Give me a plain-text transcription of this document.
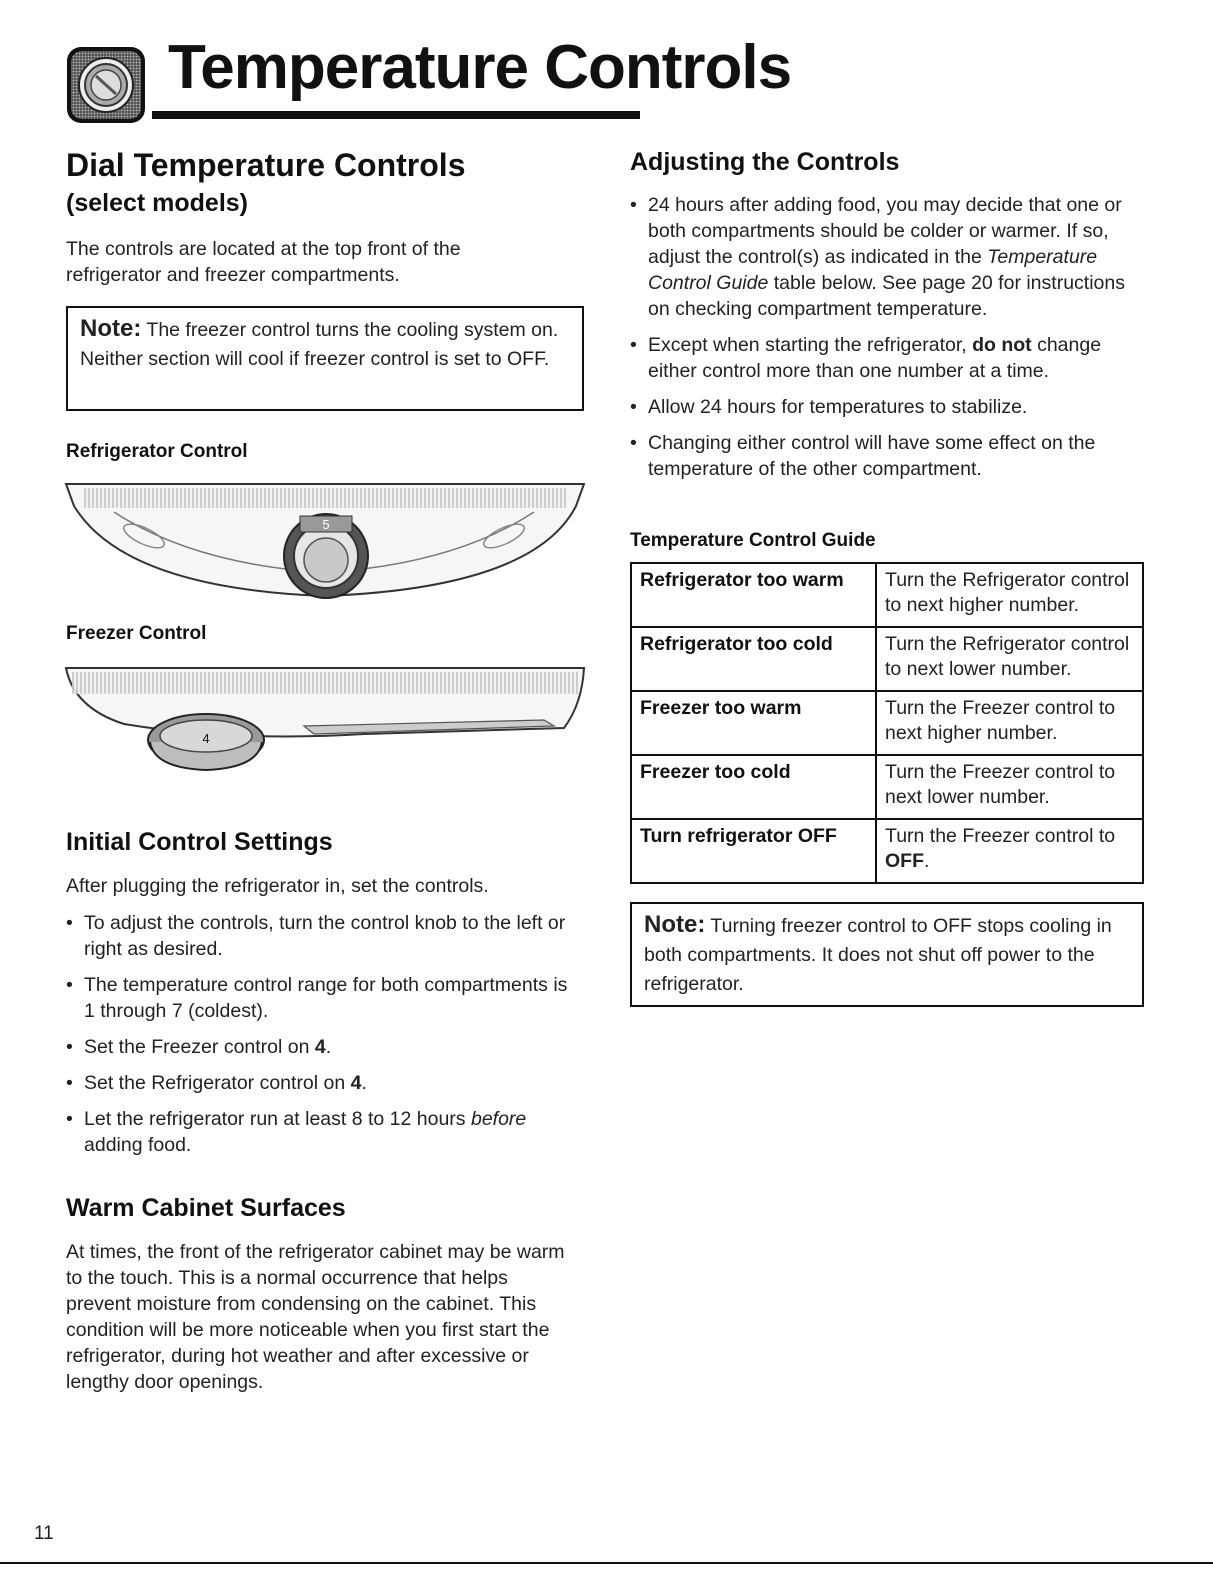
Temperature Controls
Dial Temperature Controls
(select models)
The controls are located at the top front of the refrigerator and freezer compartments.
Note: The freezer control turns the cooling system on. Neither section will cool if freezer control is set to OFF.
Refrigerator Control
5
Freezer Control
4
Initial Control Settings
After plugging the refrigerator in, set the controls.
• To adjust the controls, turn the control knob to the left or right as desired.
• The temperature control range for both compartments is 1 through 7 (coldest).
• Set the Freezer control on 4.
• Set the Refrigerator control on 4.
• Let the refrigerator run at least 8 to 12 hours before adding food.
Warm Cabinet Surfaces
At times, the front of the refrigerator cabinet may be warm to the touch. This is a normal occurrence that helps prevent moisture from condensing on the cabinet. This condition will be more noticeable when you first start the refrigerator, during hot weather and after excessive or lengthy door openings.
Adjusting the Controls
• 24 hours after adding food, you may decide that one or both compartments should be colder or warmer. If so, adjust the control(s) as indicated in the Temperature Control Guide table below. See page 20 for instructions on checking compartment temperature.
• Except when starting the refrigerator, do not change either control more than one number at a time.
• Allow 24 hours for temperatures to stabilize.
• Changing either control will have some effect on the temperature of the other compartment.
Temperature Control Guide
Refrigerator too warm	Turn the Refrigerator control to next higher number.
Refrigerator too cold	Turn the Refrigerator control to next lower number.
Freezer too warm	Turn the Freezer control to next higher number.
Freezer too cold	Turn the Freezer control to next lower number.
Turn refrigerator OFF	Turn the Freezer control to OFF.
Note: Turning freezer control to OFF stops cooling in both compartments. It does not shut off power to the refrigerator.
11
